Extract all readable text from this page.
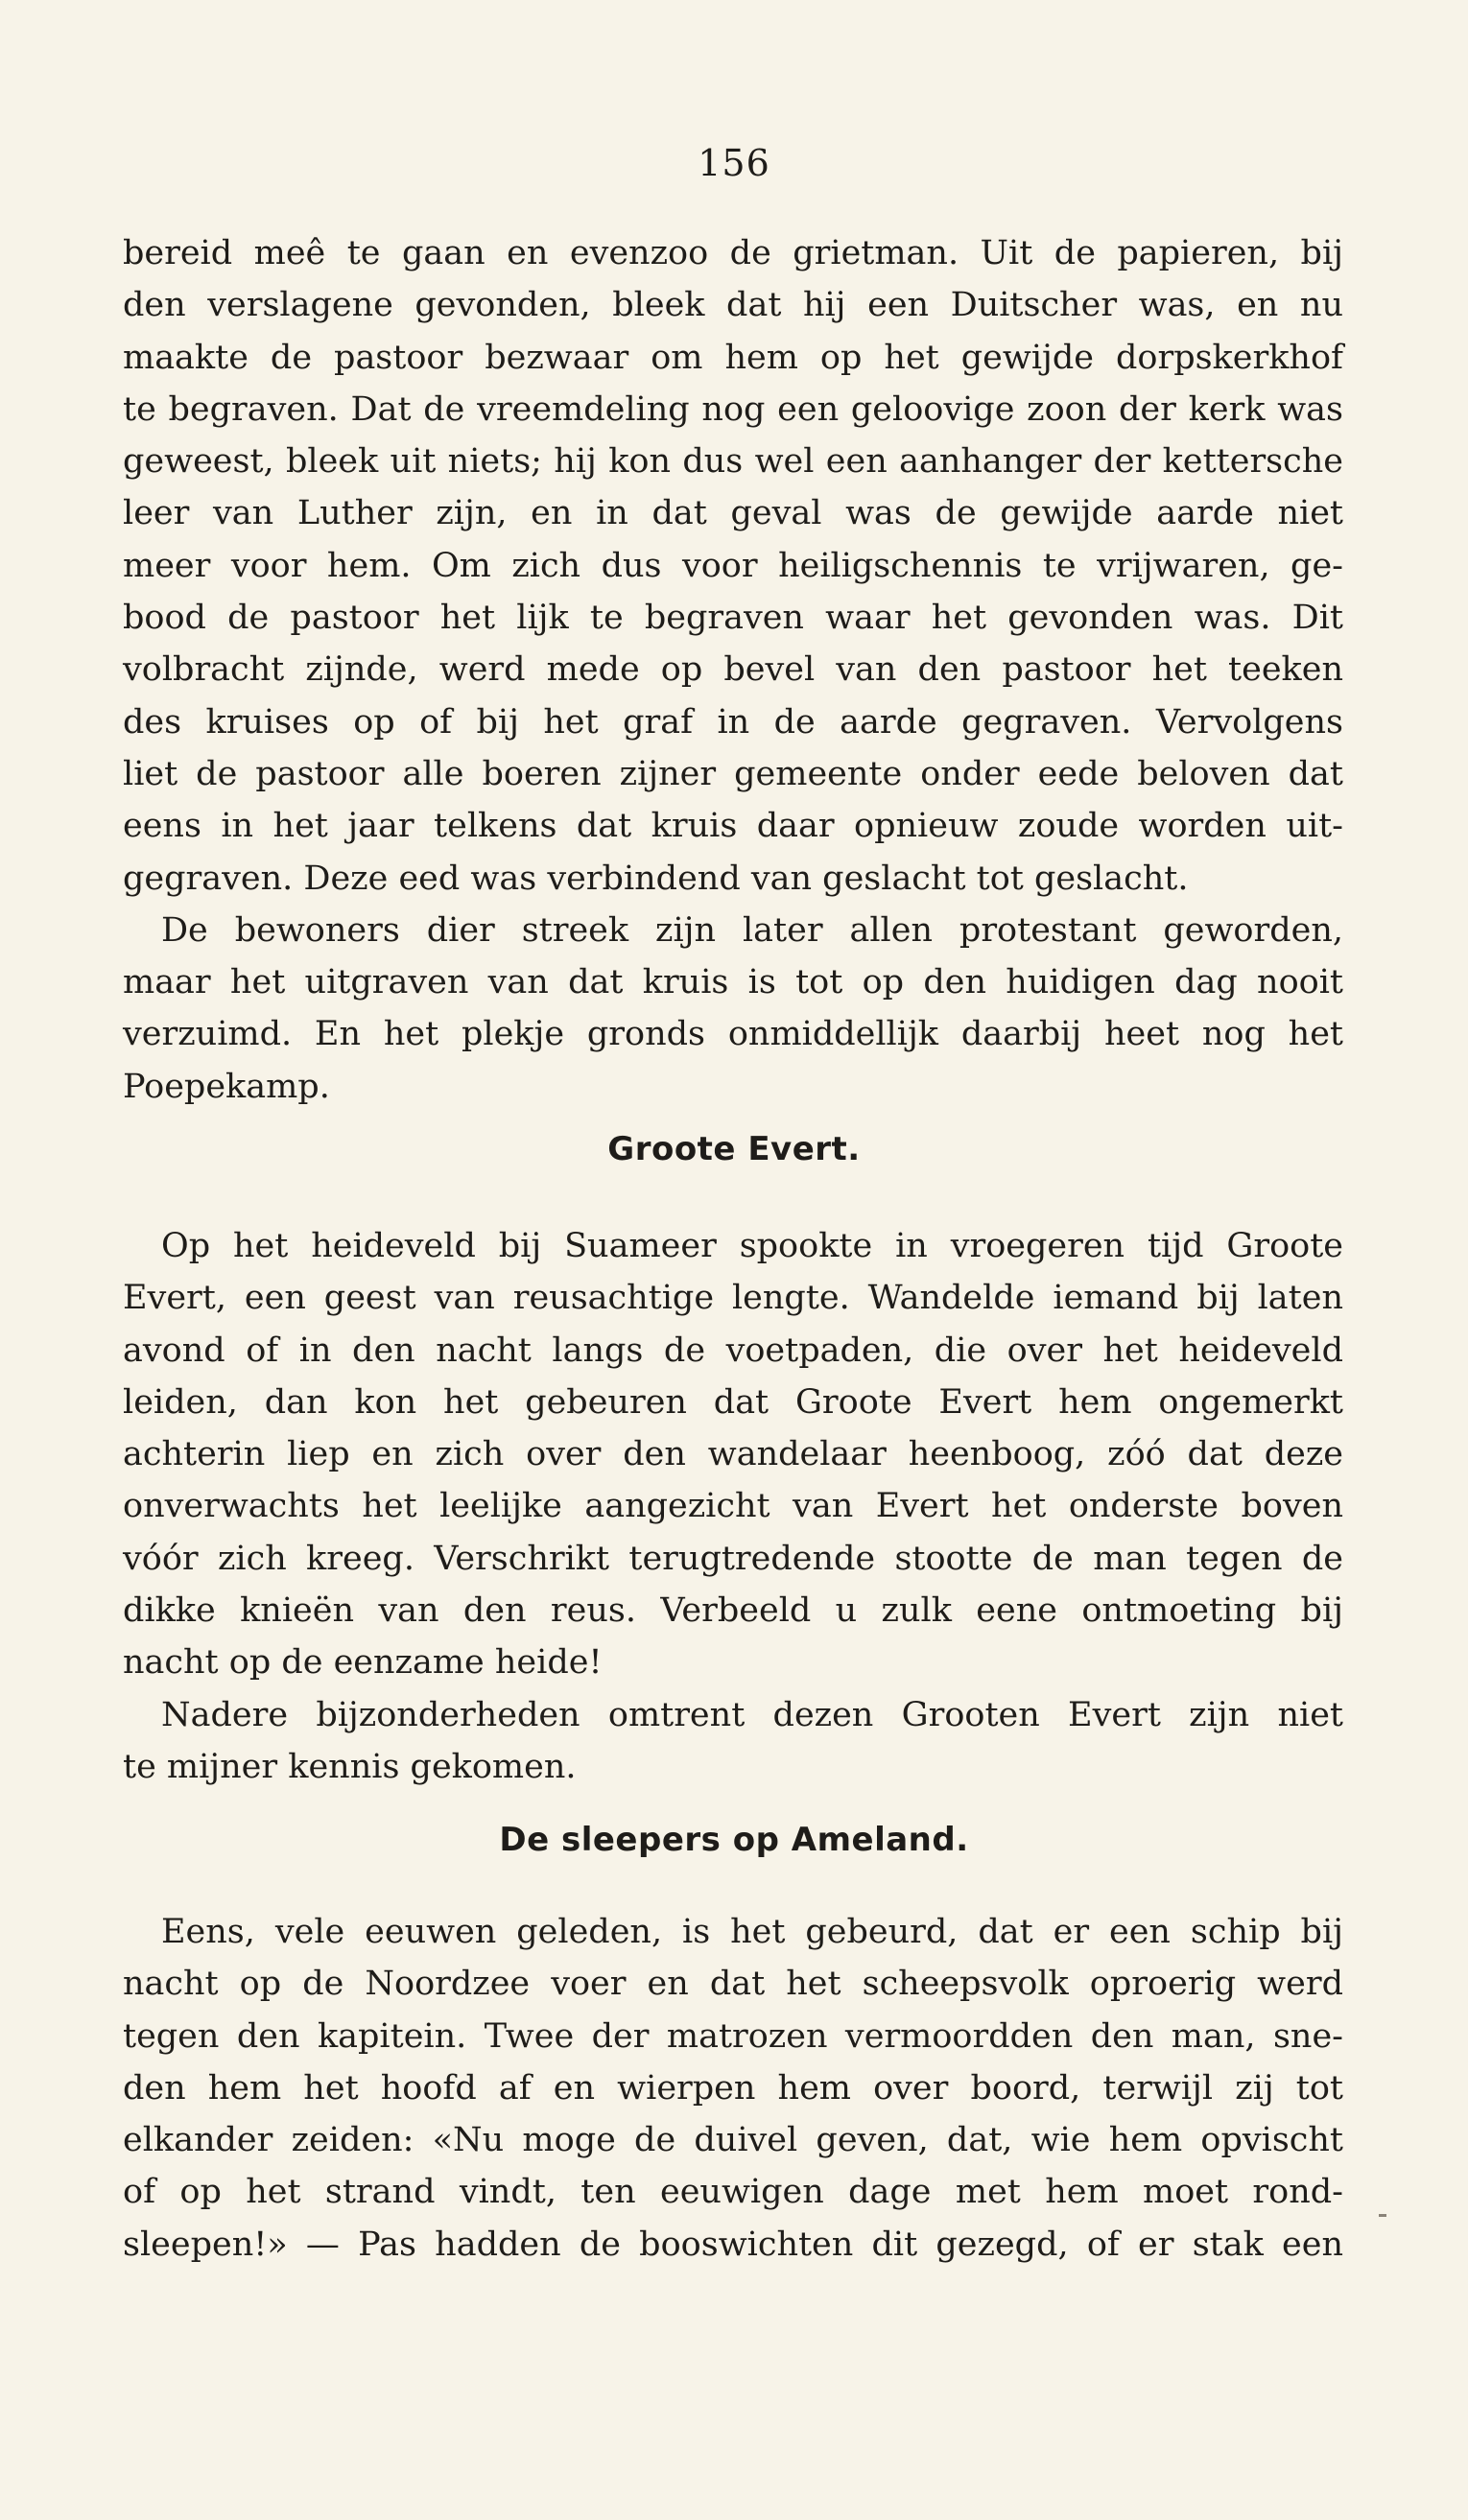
156
bereid meê te gaan en evenzoo de grietman. Uit de papieren, bij
den verslagene gevonden, bleek dat hij een Duitscher was, en nu
maakte de pastoor bezwaar om hem op het gewijde dorpskerkhof
te begraven. Dat de vreemdeling nog een geloovige zoon der kerk was
geweest, bleek uit niets; hij kon dus wel een aanhanger der kettersche
leer van Luther zijn, en in dat geval was de gewijde aarde niet
meer voor hem. Om zich dus voor heiligschennis te vrijwaren, ge-
bood de pastoor het lijk te begraven waar het gevonden was. Dit
volbracht zijnde, werd mede op bevel van den pastoor het teeken
des kruises op of bij het graf in de aarde gegraven. Vervolgens
liet de pastoor alle boeren zijner gemeente onder eede beloven dat
eens in het jaar telkens dat kruis daar opnieuw zoude worden uit-
gegraven. Deze eed was verbindend van geslacht tot geslacht.
De bewoners dier streek zijn later allen protestant geworden,
maar het uitgraven van dat kruis is tot op den huidigen dag nooit
verzuimd. En het plekje gronds onmiddellijk daarbij heet nog het
Poepekamp.
Groote Evert.
Op het heideveld bij Suameer spookte in vroegeren tijd Groote
Evert, een geest van reusachtige lengte. Wandelde iemand bij laten
avond of in den nacht langs de voetpaden, die over het heideveld
leiden, dan kon het gebeuren dat Groote Evert hem ongemerkt
achterin liep en zich over den wandelaar heenboog, zóó dat deze
onverwachts het leelijke aangezicht van Evert het onderste boven
vóór zich kreeg. Verschrikt terugtredende stootte de man tegen de
dikke knieën van den reus. Verbeeld u zulk eene ontmoeting bij
nacht op de eenzame heide!
Nadere bijzonderheden omtrent dezen Grooten Evert zijn niet
te mijner kennis gekomen.
De sleepers op Ameland.
Eens, vele eeuwen geleden, is het gebeurd, dat er een schip bij
nacht op de Noordzee voer en dat het scheepsvolk oproerig werd
tegen den kapitein. Twee der matrozen vermoordden den man, sne-
den hem het hoofd af en wierpen hem over boord, terwijl zij tot
elkander zeiden: «Nu moge de duivel geven, dat, wie hem opvischt
of op het strand vindt, ten eeuwigen dage met hem moet rond-
sleepen!» — Pas hadden de booswichten dit gezegd, of er stak een
